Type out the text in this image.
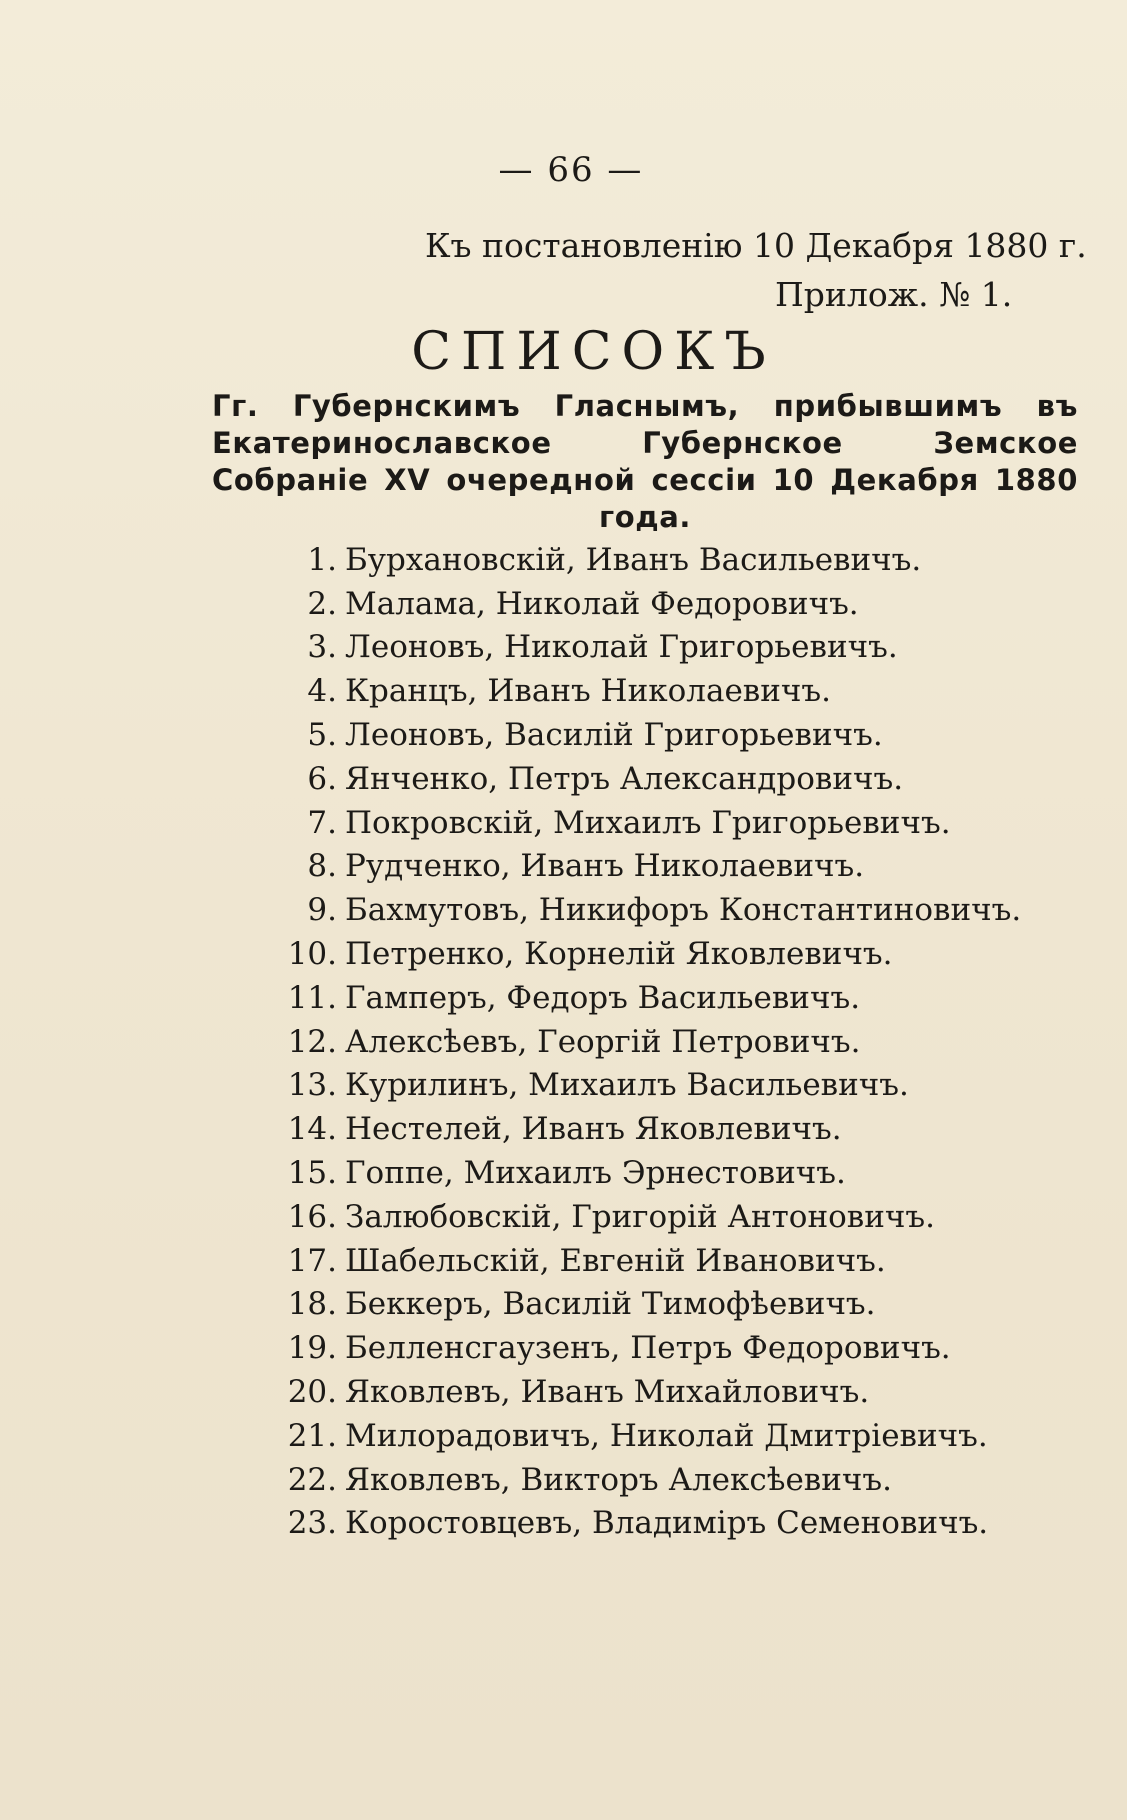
— 66 —
Къ постановленію 10 Декабря 1880 г.
Прилож. № 1.
СПИСОКЪ
Гг. Губернскимъ Гласнымъ, прибывшимъ въ Екатеринославское Губернское Земское Собраніе XV очередной сессіи 10 Декабря 1880 года.
1. Бурхановскій, Иванъ Васильевичъ.
2. Малама, Николай Федоровичъ.
3. Леоновъ, Николай Григорьевичъ.
4. Кранцъ, Иванъ Николаевичъ.
5. Леоновъ, Василій Григорьевичъ.
6. Янченко, Петръ Александровичъ.
7. Покровскій, Михаилъ Григорьевичъ.
8. Рудченко, Иванъ Николаевичъ.
9. Бахмутовъ, Никифоръ Константиновичъ.
10. Петренко, Корнелій Яковлевичъ.
11. Гамперъ, Федоръ Васильевичъ.
12. Алексѣевъ, Георгій Петровичъ.
13. Курилинъ, Михаилъ Васильевичъ.
14. Нестелей, Иванъ Яковлевичъ.
15. Гоппе, Михаилъ Эрнестовичъ.
16. Залюбовскій, Григорій Антоновичъ.
17. Шабельскій, Евгеній Ивановичъ.
18. Беккеръ, Василій Тимофѣевичъ.
19. Белленсгаузенъ, Петръ Федоровичъ.
20. Яковлевъ, Иванъ Михайловичъ.
21. Милорадовичъ, Николай Дмитріевичъ.
22. Яковлевъ, Викторъ Алексѣевичъ.
23. Коростовцевъ, Владиміръ Семеновичъ.
